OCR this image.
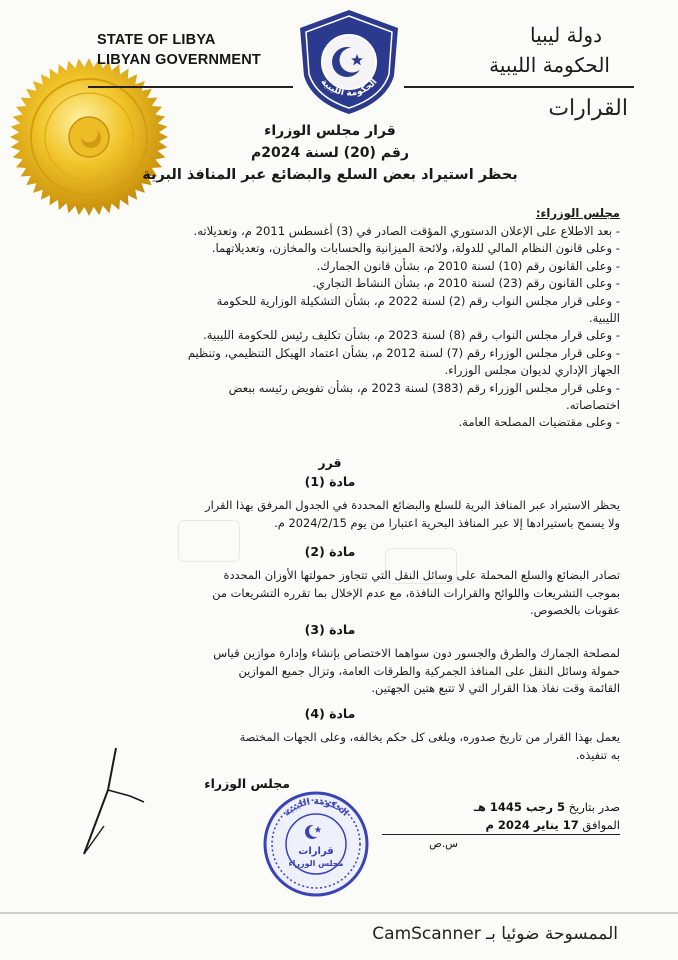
STATE OF LIBYA
LIBYAN GOVERNMENT
الحكومة الليبية
دولة ليبيا
الحكومة الليبية
القرارات
قرار مجلس الوزراء
رقم (20) لسنة 2024م
بحظر استيراد بعض السلع والبضائع عبر المنافذ البرية
مجلس الوزراء:
- بعد الاطلاع على الإعلان الدستوري المؤقت الصادر في (3) أغسطس 2011 م، وتعديلاته.
- وعلى قانون النظام المالي للدولة، ولائحة الميزانية والحسابات والمخازن، وتعديلاتهما.
- وعلى القانون رقم (10) لسنة 2010 م، بشأن قانون الجمارك.
- وعلى القانون رقم (23) لسنة 2010 م، بشأن النشاط التجاري.
- وعلى قرار مجلس النواب رقم (2) لسنة 2022 م، بشأن التشكيلة الوزارية للحكومة
الليبية.
- وعلى قرار مجلس النواب رقم (8) لسنة 2023 م، بشأن تكليف رئيس للحكومة الليبية.
- وعلى قرار مجلس الوزراء رقم (7) لسنة 2012 م، بشأن اعتماد الهيكل التنظيمي، وتنظيم
الجهاز الإداري لديوان مجلس الوزراء.
- وعلى قرار مجلس الوزراء رقم (383) لسنة 2023 م، بشأن تفويض رئيسه ببعض
اختصاصاته.
- وعلى مقتضيات المصلحة العامة.
قرر
مادة (1)
يحظر الاستيراد عبر المنافذ البرية للسلع والبضائع المحددة في الجدول المرفق بهذا القرار
ولا يسمح باستيرادها إلا عبر المنافذ البحرية اعتبارا من يوم 2024/2/15 م.
مادة (2)
تصادر البضائع والسلع المحملة على وسائل النقل التي تتجاوز حمولتها الأوزان المحددة
بموجب التشريعات واللوائح والقرارات النافذة، مع عدم الإخلال بما تقرره التشريعات من
عقوبات بالخصوص.
مادة (3)
لمصلحة الجمارك والطرق والجسور دون سواهما الاختصاص بإنشاء وإدارة موازين قياس
حمولة وسائل النقل على المنافذ الجمركية والطرقات العامة، وتزال جميع الموازين
القائمة وقت نفاذ هذا القرار التي لا تتبع هتين الجهتين.
مادة (4)
يعمل بهذا القرار من تاريخ صدوره، ويلغى كل حكم يخالفه، وعلى الجهات المختصة
به تنفيذه.
مجلس الوزراء
الحكومة الليبية
قرارات
مجلس الوزراء
صدر بتاريخ 5 رجب 1445 هـ
الموافق 17 يناير 2024 م
س.ص
الممسوحة ضوئيا بـ CamScanner
